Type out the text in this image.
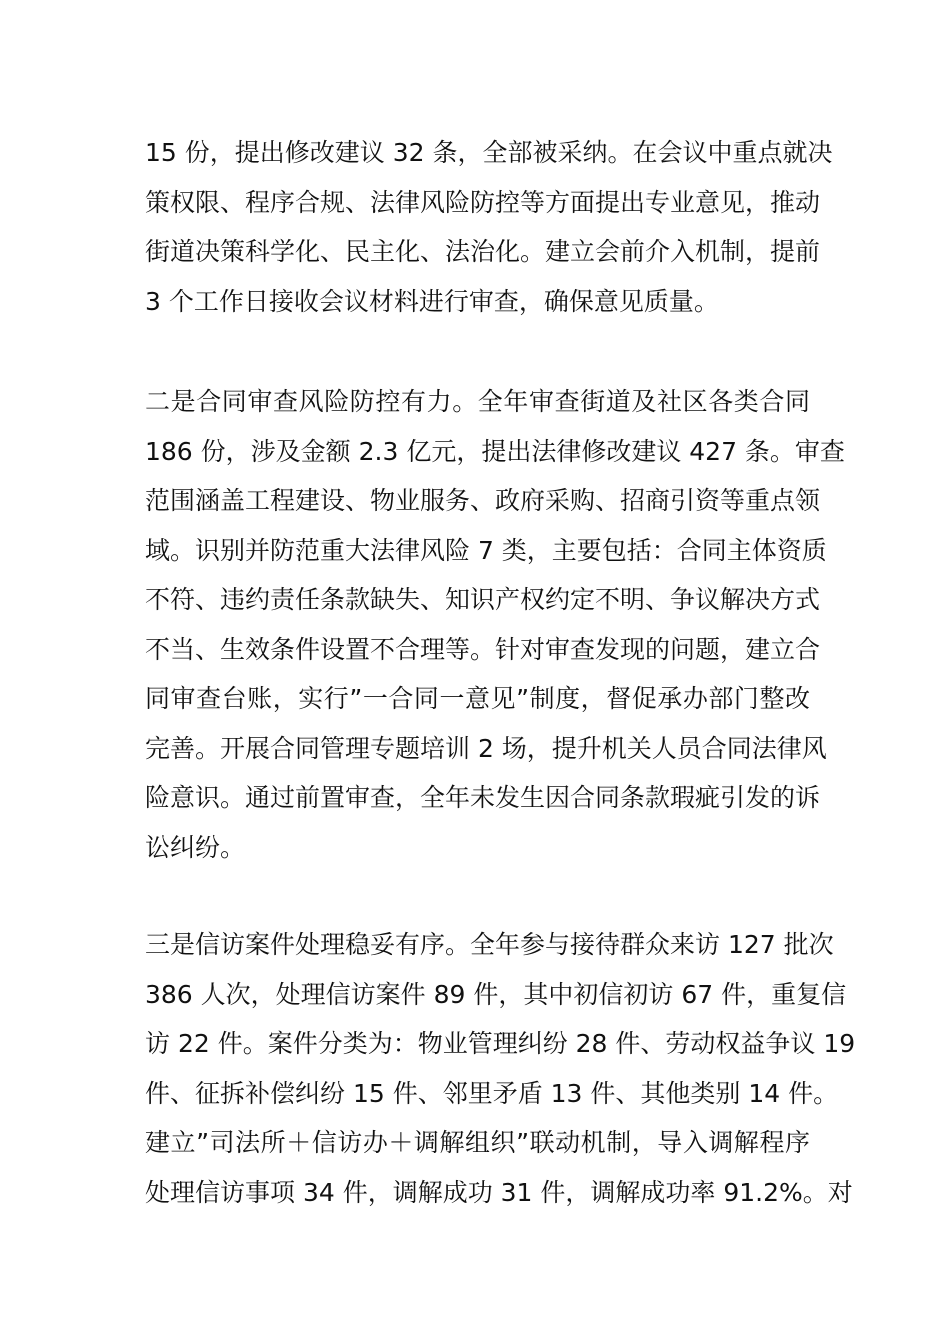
15 份，提出修改建议 32 条，全部被采纳。在会议中重点就决
策权限、程序合规、法律风险防控等方面提出专业意见，推动
街道决策科学化、民主化、法治化。建立会前介入机制，提前
3 个工作日接收会议材料进行审查，确保意见质量。
二是合同审查风险防控有力。全年审查街道及社区各类合同
186 份，涉及金额 2.3 亿元，提出法律修改建议 427 条。审查
范围涵盖工程建设、物业服务、政府采购、招商引资等重点领
域。识别并防范重大法律风险 7 类，主要包括：合同主体资质
不符、违约责任条款缺失、知识产权约定不明、争议解决方式
不当、生效条件设置不合理等。针对审查发现的问题，建立合
同审查台账，实行”一合同一意见”制度，督促承办部门整改
完善。开展合同管理专题培训 2 场，提升机关人员合同法律风
险意识。通过前置审查，全年未发生因合同条款瑕疵引发的诉
讼纠纷。
三是信访案件处理稳妥有序。全年参与接待群众来访 127 批次
386 人次，处理信访案件 89 件，其中初信初访 67 件，重复信
访 22 件。案件分类为：物业管理纠纷 28 件、劳动权益争议 19
件、征拆补偿纠纷 15 件、邻里矛盾 13 件、其他类别 14 件。
建立”司法所＋信访办＋调解组织”联动机制，导入调解程序
处理信访事项 34 件，调解成功 31 件，调解成功率 91.2%。对
